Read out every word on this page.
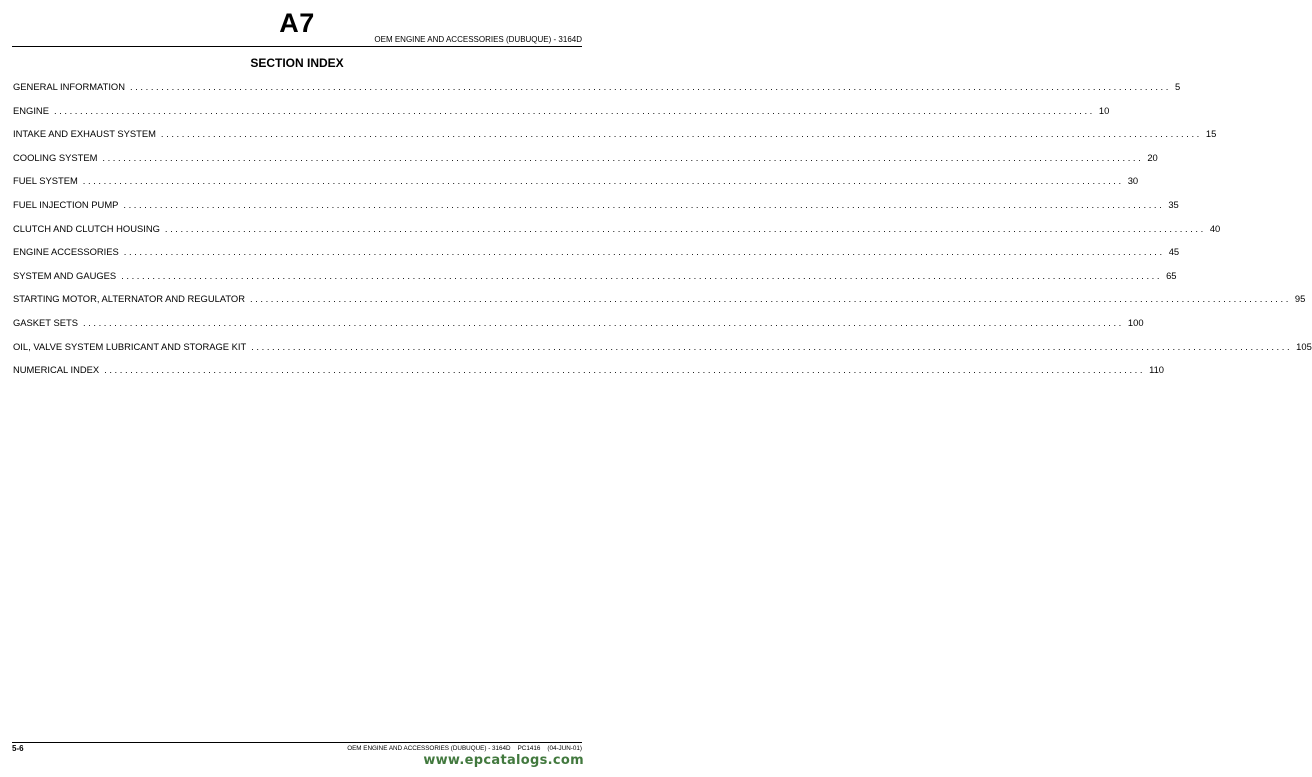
A7
OEM ENGINE AND ACCESSORIES (DUBUQUE) - 3164D
SECTION INDEX
GENERAL INFORMATION ........................................................................................................................................................................................................ 5
ENGINE ........................................................................................................................................................................................................ 10
INTAKE AND EXHAUST SYSTEM ........................................................................................................................................................................................................ 15
COOLING SYSTEM ........................................................................................................................................................................................................ 20
FUEL SYSTEM ........................................................................................................................................................................................................ 30
FUEL INJECTION PUMP ........................................................................................................................................................................................................ 35
CLUTCH AND CLUTCH HOUSING ........................................................................................................................................................................................................ 40
ENGINE ACCESSORIES ........................................................................................................................................................................................................ 45
SYSTEM AND GAUGES ........................................................................................................................................................................................................ 65
STARTING MOTOR, ALTERNATOR AND REGULATOR ........................................................................................................................................................................................................ 95
GASKET SETS ........................................................................................................................................................................................................ 100
OIL, VALVE SYSTEM LUBRICANT AND STORAGE KIT ........................................................................................................................................................................................................ 105
NUMERICAL INDEX ........................................................................................................................................................................................................ 110
5-6	OEM ENGINE AND ACCESSORIES (DUBUQUE) - 3164D PC1416 (04-JUN-01)
www.epcatalogs.com
